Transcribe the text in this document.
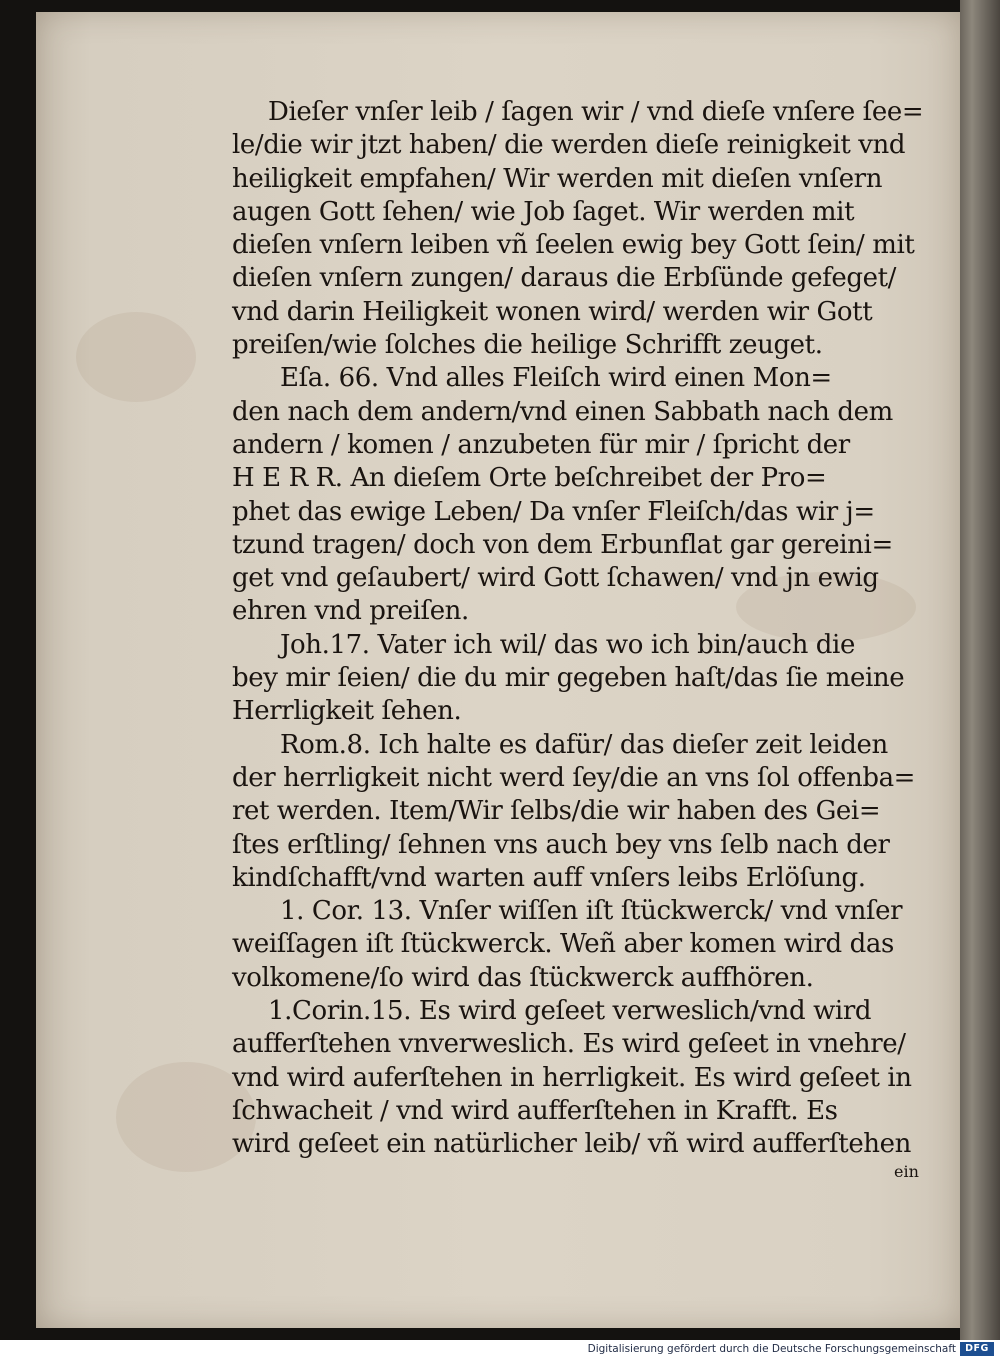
Dieſer vnſer leib / ſagen wir / vnd dieſe vnſere ſee=
le/die wir jtzt haben/ die werden dieſe reinigkeit vnd
heiligkeit empfahen/ Wir werden mit dieſen vnſern
augen Gott ſehen/ wie Job ſaget. Wir werden mit
dieſen vnſern leiben vñ ſeelen ewig bey Gott ſein/ mit
dieſen vnſern zungen/ daraus die Erbſünde gefeget/
vnd darin Heiligkeit wonen wird/ werden wir Gott
preiſen/wie ſolches die heilige Schrifft zeuget.
Eſa. 66. Vnd alles Fleiſch wird einen Mon=
den nach dem andern/vnd einen Sabbath nach dem
andern / komen / anzubeten für mir / ſpricht der
H E R R. An dieſem Orte beſchreibet der Pro=
phet das ewige Leben/ Da vnſer Fleiſch/das wir j=
tzund tragen/ doch von dem Erbunflat gar gereini=
get vnd geſaubert/ wird Gott ſchawen/ vnd jn ewig
ehren vnd preiſen.
Joh.17. Vater ich wil/ das wo ich bin/auch die
bey mir ſeien/ die du mir gegeben haſt/das ſie meine
Herrligkeit ſehen.
Rom.8. Ich halte es dafür/ das dieſer zeit leiden
der herrligkeit nicht werd ſey/die an vns ſol offenba=
ret werden. Item/Wir ſelbs/die wir haben des Gei=
ſtes erſtling/ ſehnen vns auch bey vns ſelb nach der
kindſchafft/vnd warten auff vnſers leibs Erlöſung.
1. Cor. 13. Vnſer wiſſen iſt ſtückwerck/ vnd vnſer
weiſſagen iſt ſtückwerck. Weñ aber komen wird das
volkomene/ſo wird das ſtückwerck auffhören.
1.Corin.15. Es wird geſeet verweslich/vnd wird
aufferſtehen vnverweslich. Es wird geſeet in vnehre/
vnd wird auferſtehen in herrligkeit. Es wird geſeet in
ſchwacheit / vnd wird aufferſtehen in Krafft. Es
wird geſeet ein natürlicher leib/ vñ wird aufferſtehen
ein
Digitalisierung gefördert durch die Deutsche Forschungsgemeinschaft DFG
